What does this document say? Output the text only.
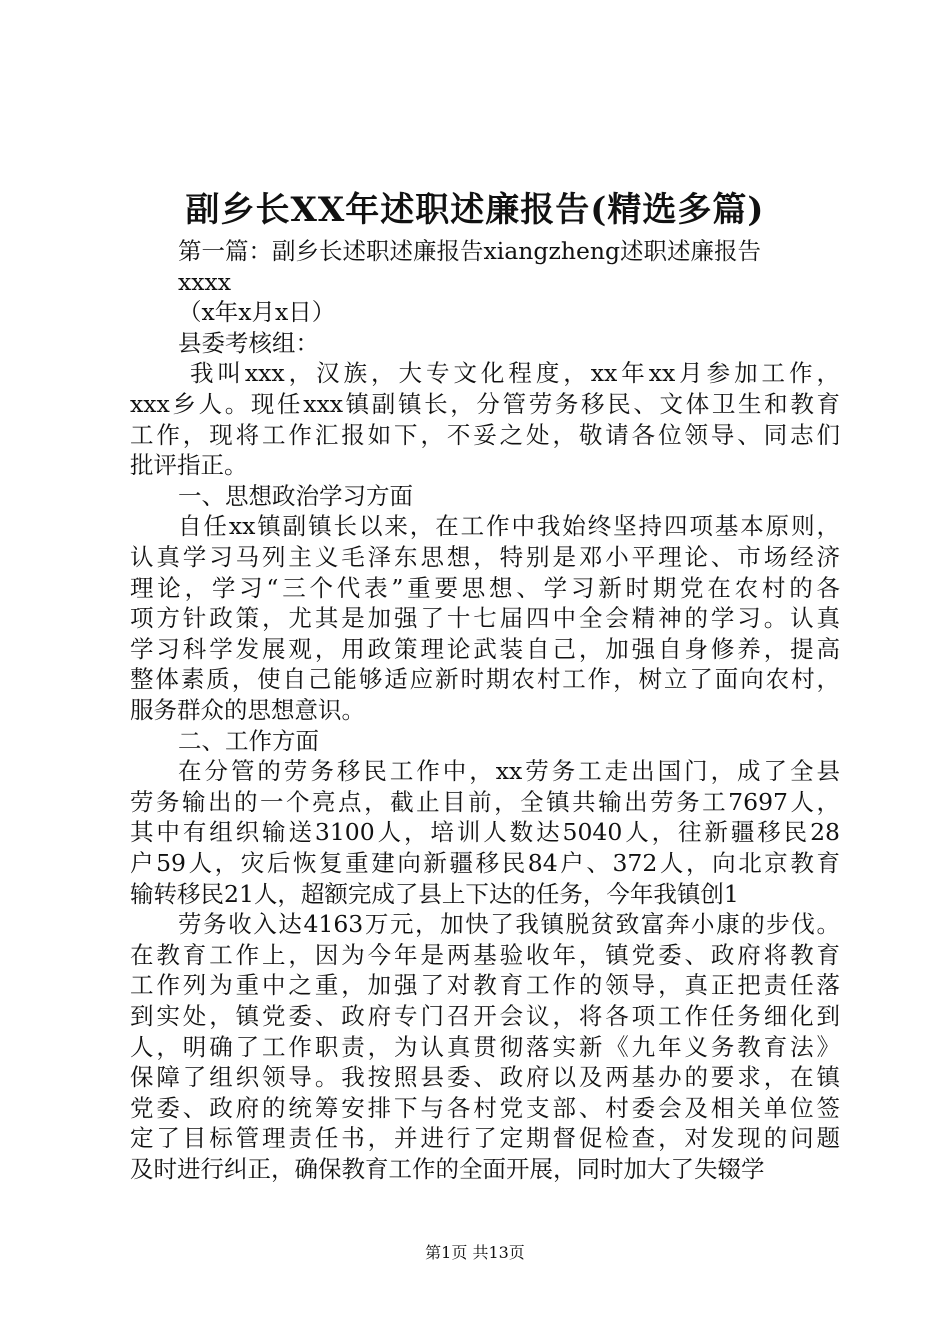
副乡长XX年述职述廉报告(精选多篇)
第一篇：副乡长述职述廉报告xiangzheng述职述廉报告
xxxx
（x年x月x日）
县委考核组：
我叫xxx，汉族，大专文化程度，xx年xx月参加工作，
xxx乡人。现任xxx镇副镇长，分管劳务移民、文体卫生和教育
工作，现将工作汇报如下，不妥之处，敬请各位领导、同志们
批评指正。
一、思想政治学习方面
自任xx镇副镇长以来，在工作中我始终坚持四项基本原则，
认真学习马列主义毛泽东思想，特别是邓小平理论、市场经济
理论，学习“三个代表”重要思想、学习新时期党在农村的各
项方针政策，尤其是加强了十七届四中全会精神的学习。认真
学习科学发展观，用政策理论武装自己，加强自身修养，提高
整体素质，使自己能够适应新时期农村工作，树立了面向农村，
服务群众的思想意识。
二、工作方面
在分管的劳务移民工作中，xx劳务工走出国门，成了全县
劳务输出的一个亮点，截止目前，全镇共输出劳务工7697人，
其中有组织输送3100人，培训人数达5040人，往新疆移民28
户59人，灾后恢复重建向新疆移民84户、372人，向北京教育
输转移民21人，超额完成了县上下达的任务，今年我镇创1
劳务收入达4163万元，加快了我镇脱贫致富奔小康的步伐。
在教育工作上，因为今年是两基验收年，镇党委、政府将教育
工作列为重中之重，加强了对教育工作的领导，真正把责任落
到实处，镇党委、政府专门召开会议，将各项工作任务细化到
人，明确了工作职责，为认真贯彻落实新《九年义务教育法》
保障了组织领导。我按照县委、政府以及两基办的要求，在镇
党委、政府的统筹安排下与各村党支部、村委会及相关单位签
定了目标管理责任书，并进行了定期督促检查，对发现的问题
及时进行纠正，确保教育工作的全面开展，同时加大了失辍学
第1页 共13页
